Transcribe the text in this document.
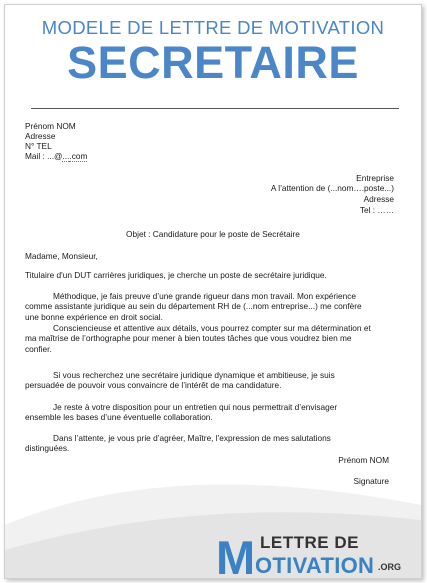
MODELE DE LETTRE DE MOTIVATION
SECRETAIRE
Prénom NOM
Adresse
N° TEL
Mail : ...@....com
Entreprise
A l’attention de (...nom….poste...)
Adresse
Tel : ……
Objet : Candidature pour le poste de Secrétaire
Madame, Monsieur,
Titulaire d'un DUT carrières juridiques, je cherche un poste de secrétaire juridique.
Méthodique, je fais preuve d’une grande rigueur dans mon travail. Mon expérience comme assistante juridique au sein du département RH de (...nom entreprise...) me confère une bonne expérience en droit social.
Consciencieuse et attentive aux détails, vous pourrez compter sur ma détermination et ma maîtrise de l’orthographe pour mener à bien toutes tâches que vous voudrez bien me confier.
Si vous recherchez une secrétaire juridique dynamique et ambitieuse, je suis persuadée de pouvoir vous convaincre de l’intérêt de ma candidature.
Je reste à votre disposition pour un entretien qui nous permettrait d’envisager ensemble les bases d’une éventuelle collaboration.
Dans l’attente, je vous prie d’agréer, Maître, l'expression de mes salutations distinguées.
Prénom NOM
Signature
LETTRE DE
M OTIVATION .ORG
